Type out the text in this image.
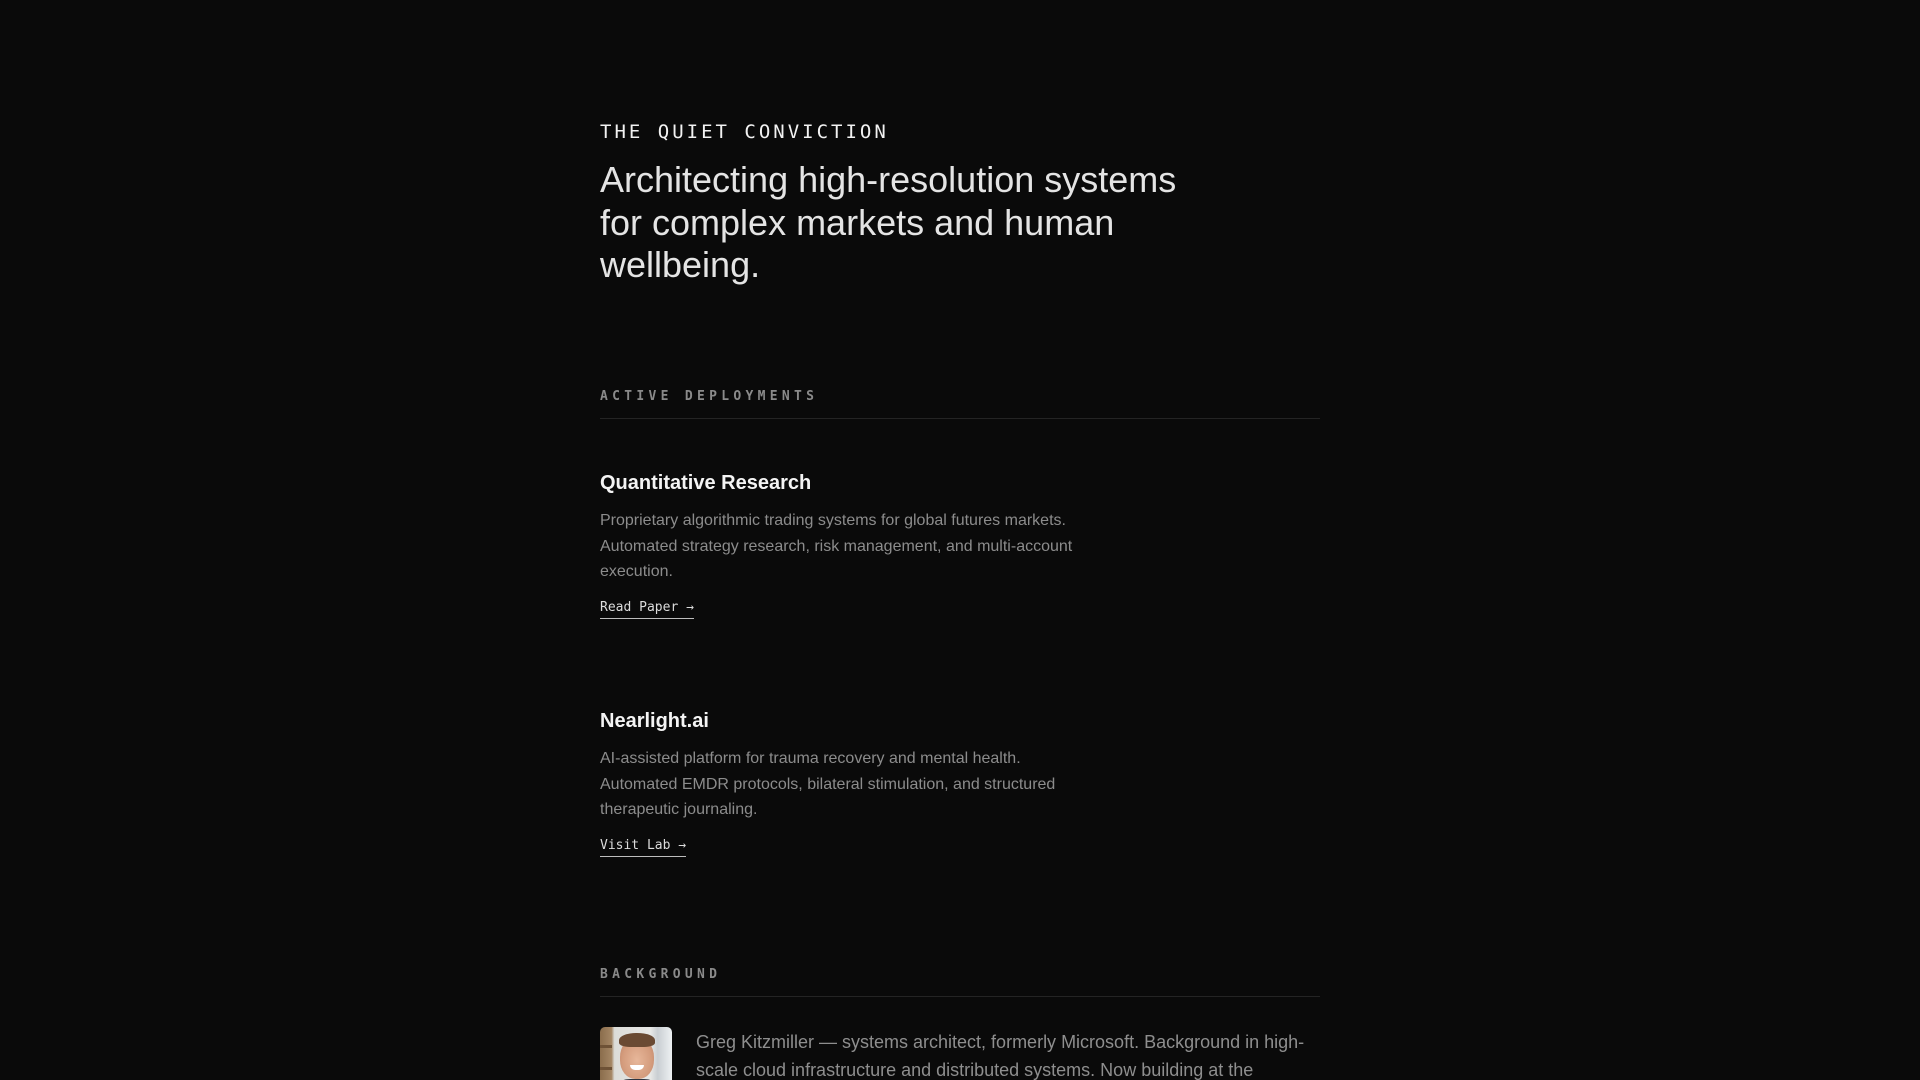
THE QUIET CONVICTION
Architecting high-resolution systems for complex markets and human wellbeing.
ACTIVE DEPLOYMENTS
Quantitative Research

Proprietary algorithmic trading systems for global futures markets. Automated strategy research, risk management, and multi-account execution.

Read Paper →
Nearlight.ai

AI-assisted platform for trauma recovery and mental health. Automated EMDR protocols, bilateral stimulation, and structured therapeutic journaling.

Visit Lab →
BACKGROUND

Greg Kitzmiller — systems architect, formerly Microsoft. Background in high-scale cloud infrastructure and distributed systems. Now building at the
